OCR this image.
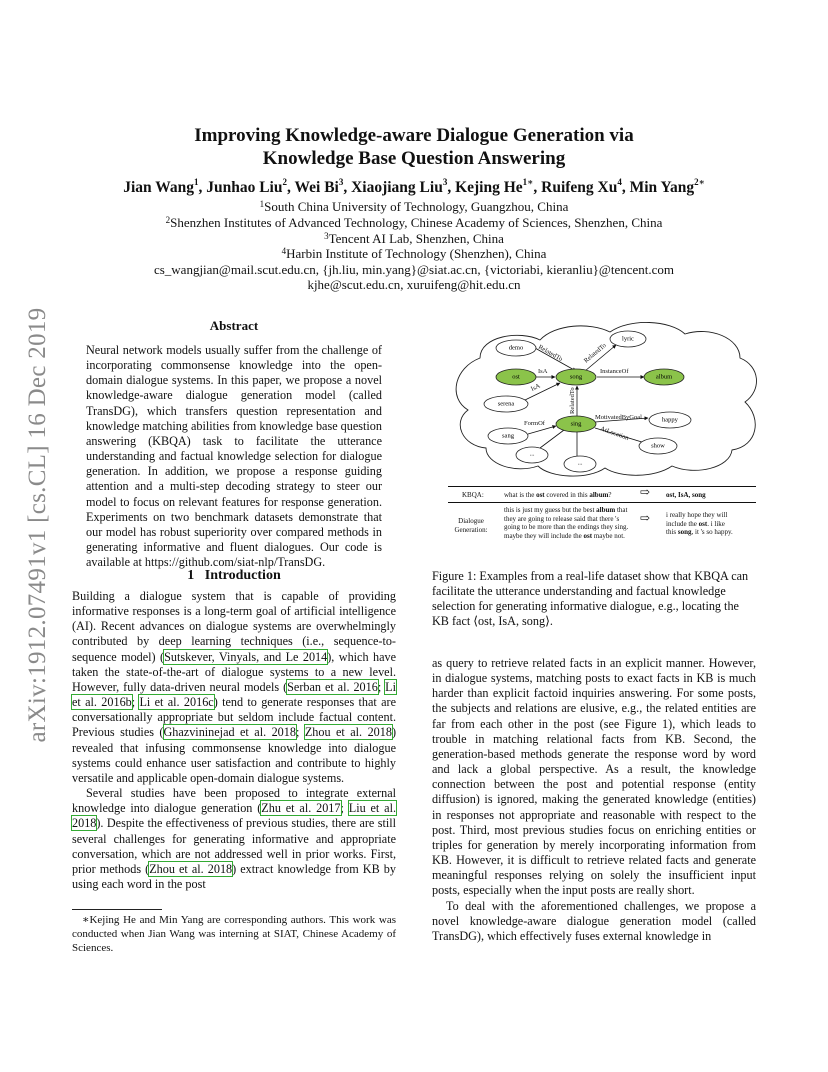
arXiv:1912.07491v1 [cs.CL] 16 Dec 2019
Improving Knowledge-aware Dialogue Generation via
Knowledge Base Question Answering
Jian Wang$^1$, Junhao Liu$^2$, Wei Bi$^3$, Xiaojiang Liu$^3$, Kejing $He^{1∗}$, Ruifeng Xu$^4$, Min Yang$^{2∗}$
$^1$South China University of Technology, Guangzhou, China
$^2$Shenzhen Institutes of Advanced Technology, Chinese Academy of Sciences, Shenzhen, China
$^3$Tencent AI Lab, Shenzhen, China
$^4$Harbin Institute of Technology (Shenzhen), China
cs_wangjian@mail.scut.edu.cn, {jh.liu, min.yang}@siat.ac.cn, {victoriabi, kieranliu}@tencent.com
kjhe@scut.edu.cn, xuruifeng@hit.edu.cn
Abstract

Neural network models usually suffer from the challenge of incorporating commonsense knowledge into the open-domain dialogue systems. In this paper, we propose a novel knowledge-aware dialogue generation model (called TransDG), which transfers question representation and knowledge matching abilities from knowledge base question answering (KBQA) task to facilitate the utterance understanding and factual knowledge selection for dialogue generation. In addition, we propose a response guiding attention and a multi-step decoding strategy to steer our model to focus on relevant features for response generation. Experiments on two benchmark datasets demonstrate that our model has robust superiority over compared methods in generating informative and fluent dialogues. Our code is available at https://github.com/siat-nlp/TransDG.

1 Introduction

Building a dialogue system that is capable of providing informative responses is a long-term goal of artificial intelligence (AI). Recent advances on dialogue systems are overwhelmingly contributed by deep learning techniques (i.e., sequence-to-sequence model) (Sutskever, Vinyals, and Le 2014), which have taken the state-of-the-art of dialogue systems to a new level. However, fully data-driven neural models (Serban et al. 2016; Li et al. 2016b; Li et al. 2016c) tend to generate responses that are conversationally appropriate but seldom include factual content. Previous studies (Ghazvininejad et al. 2018; Zhou et al. 2018) revealed that infusing commonsense knowledge into dialogue systems could enhance user satisfaction and contribute to highly versatile and applicable open-domain dialogue systems.

Several studies have been proposed to integrate external knowledge into dialogue generation (Zhu et al. 2017; Liu et al. 2018). Despite the effectiveness of previous studies, there are still several challenges for generating informative and appropriate conversation, which are not addressed well in prior works. First, prior methods (Zhou et al. 2018) extract knowledge from KB by using each word in the post

∗Kejing He and Min Yang are corresponding authors. This work was conducted when Jian Wang was interning at SIAT, Chinese Academy of Sciences.
RelatedTo	RelatedTo
IsA	InstanceOf
IsA	RelatedTo
FormOf
MotivatedByGoal
AtLocation
demo
lyric
ost	song	album
serena
sang
sing
happy
show
...
...
KBQA:	what is the ost covered in this album? ⇨ ost, IsA, song
Dialogue
Generation:
this is just my guess but the best album that
they are going to release said that there 's
going to be more than the endings they sing.
maybe they will include the ost maybe not.
⇨ i really hope they will
include the ost. i like
this song, it 's so happy.
Figure 1: Examples from a real-life dataset show that KBQA can facilitate the utterance understanding and factual knowledge selection for generating informative dialogue, e.g., locating the KB fact ⟨ost, IsA, song⟩.

as query to retrieve related facts in an explicit manner. However, in dialogue systems, matching posts to exact facts in KB is much harder than explicit factoid inquiries answering. For some posts, the subjects and relations are elusive, e.g., the related entities are far from each other in the post (see Figure 1), which leads to trouble in matching relational facts from KB. Second, the generation-based methods generate the response word by word and lack a global perspective. As a result, the knowledge connection between the post and potential response (entity diffusion) is ignored, making the generated knowledge (entities) in responses not appropriate and reasonable with respect to the post. Third, most previous studies focus on enriching entities or triples for generation by merely incorporating information from KB. However, it is difficult to retrieve related facts and generate meaningful responses relying on solely the insufficient input posts, especially when the input posts are really short.

To deal with the aforementioned challenges, we propose a novel knowledge-aware dialogue generation model (called TransDG), which effectively fuses external knowledge in
